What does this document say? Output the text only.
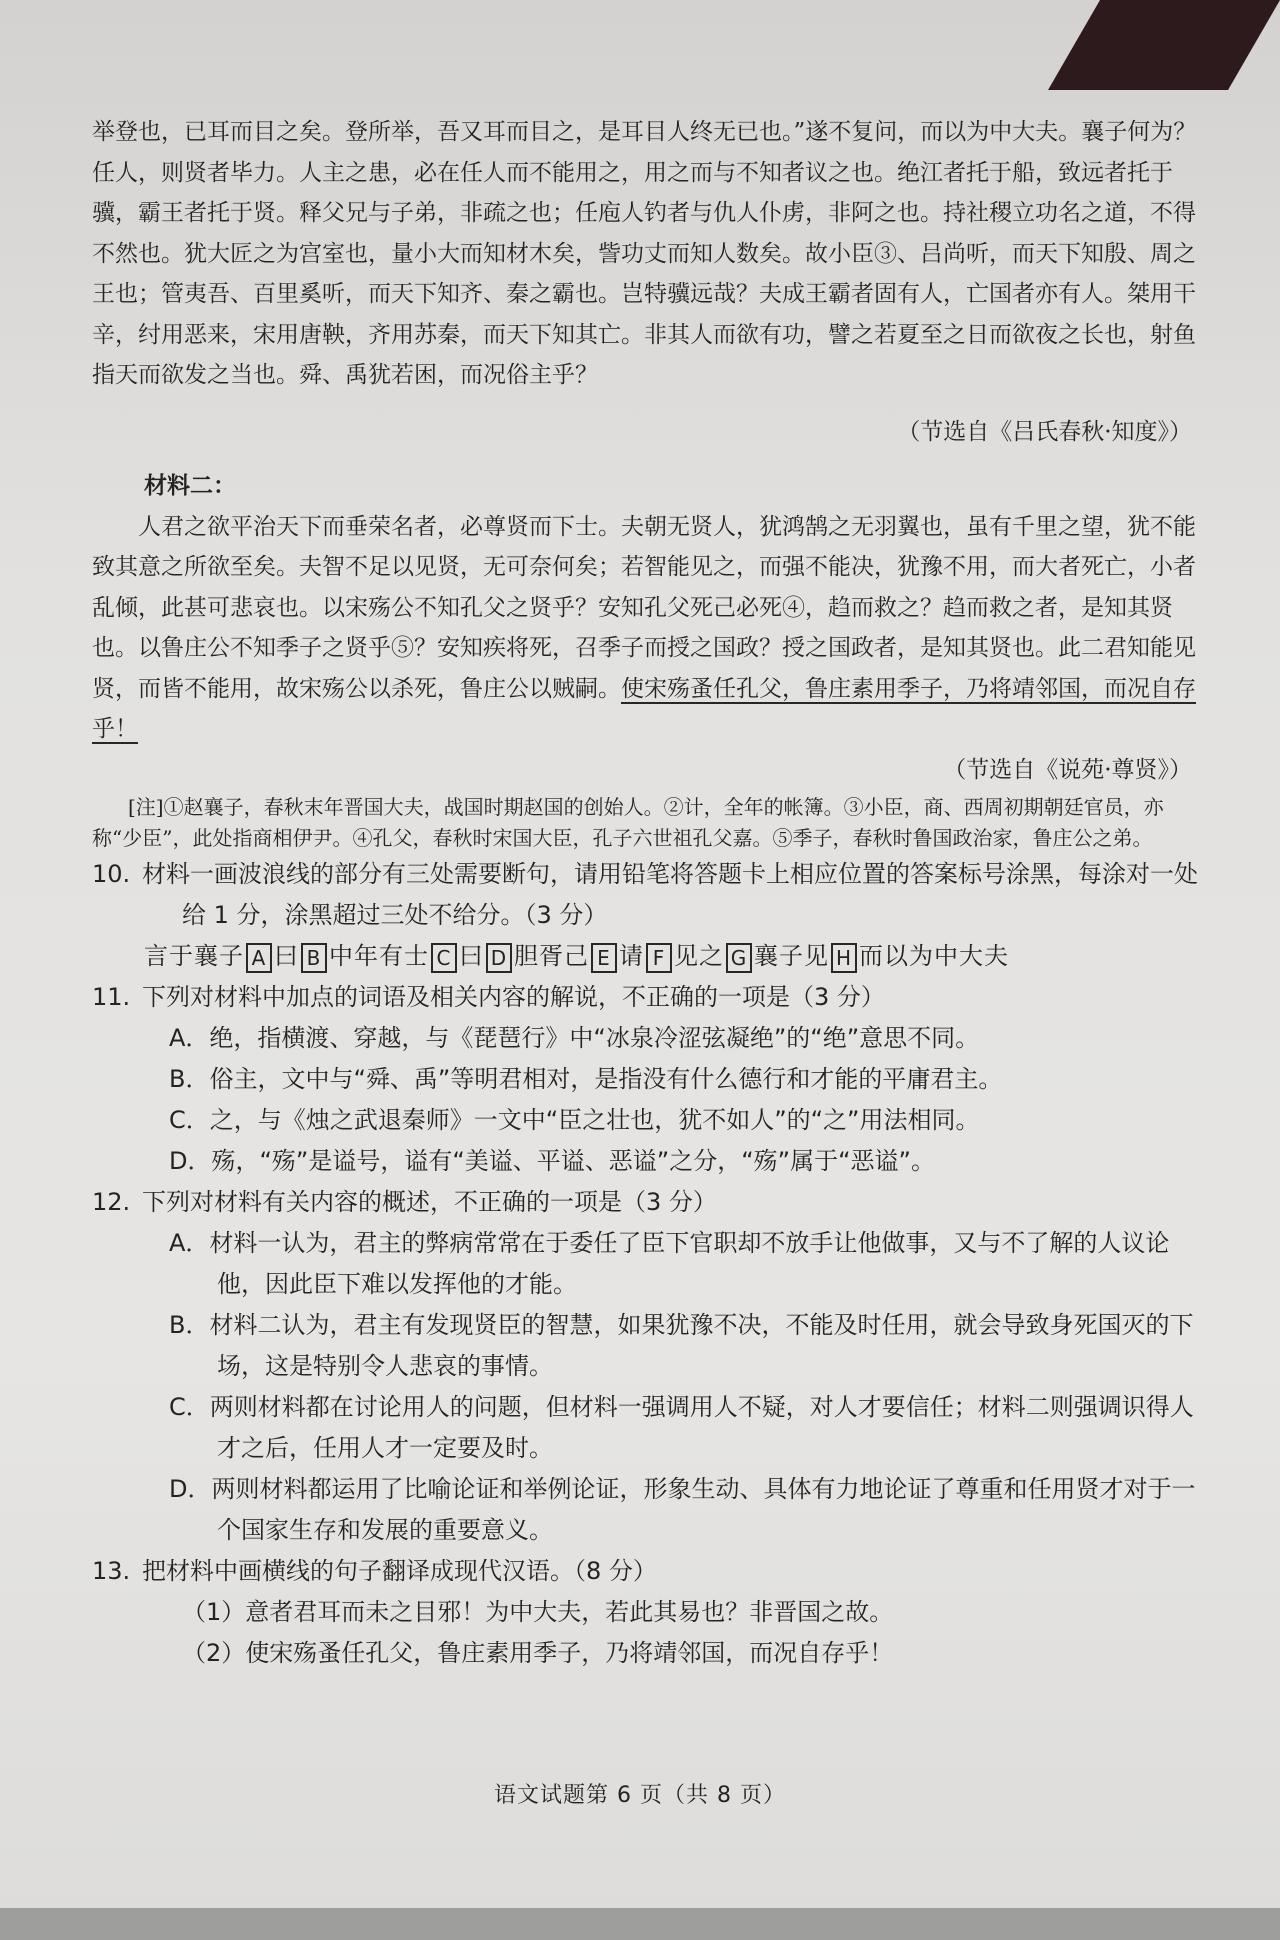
举登也，已耳而目之矣。登所举，吾又耳而目之，是耳目人终无已也。”遂不复问，而以为中大夫。襄子何为？任人，则贤者毕力。人主之患，必在任人而不能用之，用之而与不知者议之也。绝江者托于船，致远者托于骥，霸王者托于贤。释父兄与子弟，非疏之也；任庖人钓者与仇人仆虏，非阿之也。持社稷立功名之道，不得不然也。犹大匠之为宫室也，量小大而知材木矣，訾功丈而知人数矣。故小臣③、吕尚听，而天下知殷、周之王也；管夷吾、百里奚听，而天下知齐、秦之霸也。岂特骥远哉？夫成王霸者固有人，亡国者亦有人。桀用干辛，纣用恶来，宋用唐鞅，齐用苏秦，而天下知其亡。非其人而欲有功，譬之若夏至之日而欲夜之长也，射鱼指天而欲发之当也。舜、禹犹若困，而况俗主乎？

（节选自《吕氏春秋·知度》）

材料二：

人君之欲平治天下而垂荣名者，必尊贤而下士。夫朝无贤人，犹鸿鹄之无羽翼也，虽有千里之望，犹不能致其意之所欲至矣。夫智不足以见贤，无可奈何矣；若智能见之，而强不能决，犹豫不用，而大者死亡，小者乱倾，此甚可悲哀也。以宋殇公不知孔父之贤乎？安知孔父死己必死④，趋而救之？趋而救之者，是知其贤也。以鲁庄公不知季子之贤乎⑤？安知疾将死，召季子而授之国政？授之国政者，是知其贤也。此二君知能见贤，而皆不能用，故宋殇公以杀死，鲁庄公以贼嗣。使宋殇蚤任孔父，鲁庄素用季子，乃将靖邻国，而况自存乎！

（节选自《说苑·尊贤》）

[注]①赵襄子，春秋末年晋国大夫，战国时期赵国的创始人。②计，全年的帐簿。③小臣，商、西周初期朝廷官员，亦称“少臣”，此处指商相伊尹。④孔父，春秋时宋国大臣，孔子六世祖孔父嘉。⑤季子，春秋时鲁国政治家，鲁庄公之弟。

10. 材料一画波浪线的部分有三处需要断句，请用铅笔将答题卡上相应位置的答案标号涂黑，每涂对一处给 1 分，涂黑超过三处不给分。（3 分）

言于襄子 A 曰 B 中年有士 C 曰 D 胆胥己 E 请 F 见之 G 襄子见 H 而以为中大夫

11. 下列对材料中加点的词语及相关内容的解说，不正确的一项是（3 分）

A．绝，指横渡、穿越，与《琵琶行》中“冰泉冷涩弦凝绝”的“绝”意思不同。

B．俗主，文中与“舜、禹”等明君相对，是指没有什么德行和才能的平庸君主。

C．之，与《烛之武退秦师》一文中“臣之壮也，犹不如人”的“之”用法相同。

D．殇，“殇”是谥号，谥有“美谥、平谥、恶谥”之分，“殇”属于“恶谥”。

12. 下列对材料有关内容的概述，不正确的一项是（3 分）

A．材料一认为，君主的弊病常常在于委任了臣下官职却不放手让他做事，又与不了解的人议论他，因此臣下难以发挥他的才能。

B．材料二认为，君主有发现贤臣的智慧，如果犹豫不决，不能及时任用，就会导致身死国灭的下场，这是特别令人悲哀的事情。

C．两则材料都在讨论用人的问题，但材料一强调用人不疑，对人才要信任；材料二则强调识得人才之后，任用人才一定要及时。

D．两则材料都运用了比喻论证和举例论证，形象生动、具体有力地论证了尊重和任用贤才对于一个国家生存和发展的重要意义。

13. 把材料中画横线的句子翻译成现代汉语。（8 分）

（1）意者君耳而未之目邪！为中大夫，若此其易也？非晋国之故。

（2）使宋殇蚤任孔父，鲁庄素用季子，乃将靖邻国，而况自存乎！

语文试题第 6 页（共 8 页）
